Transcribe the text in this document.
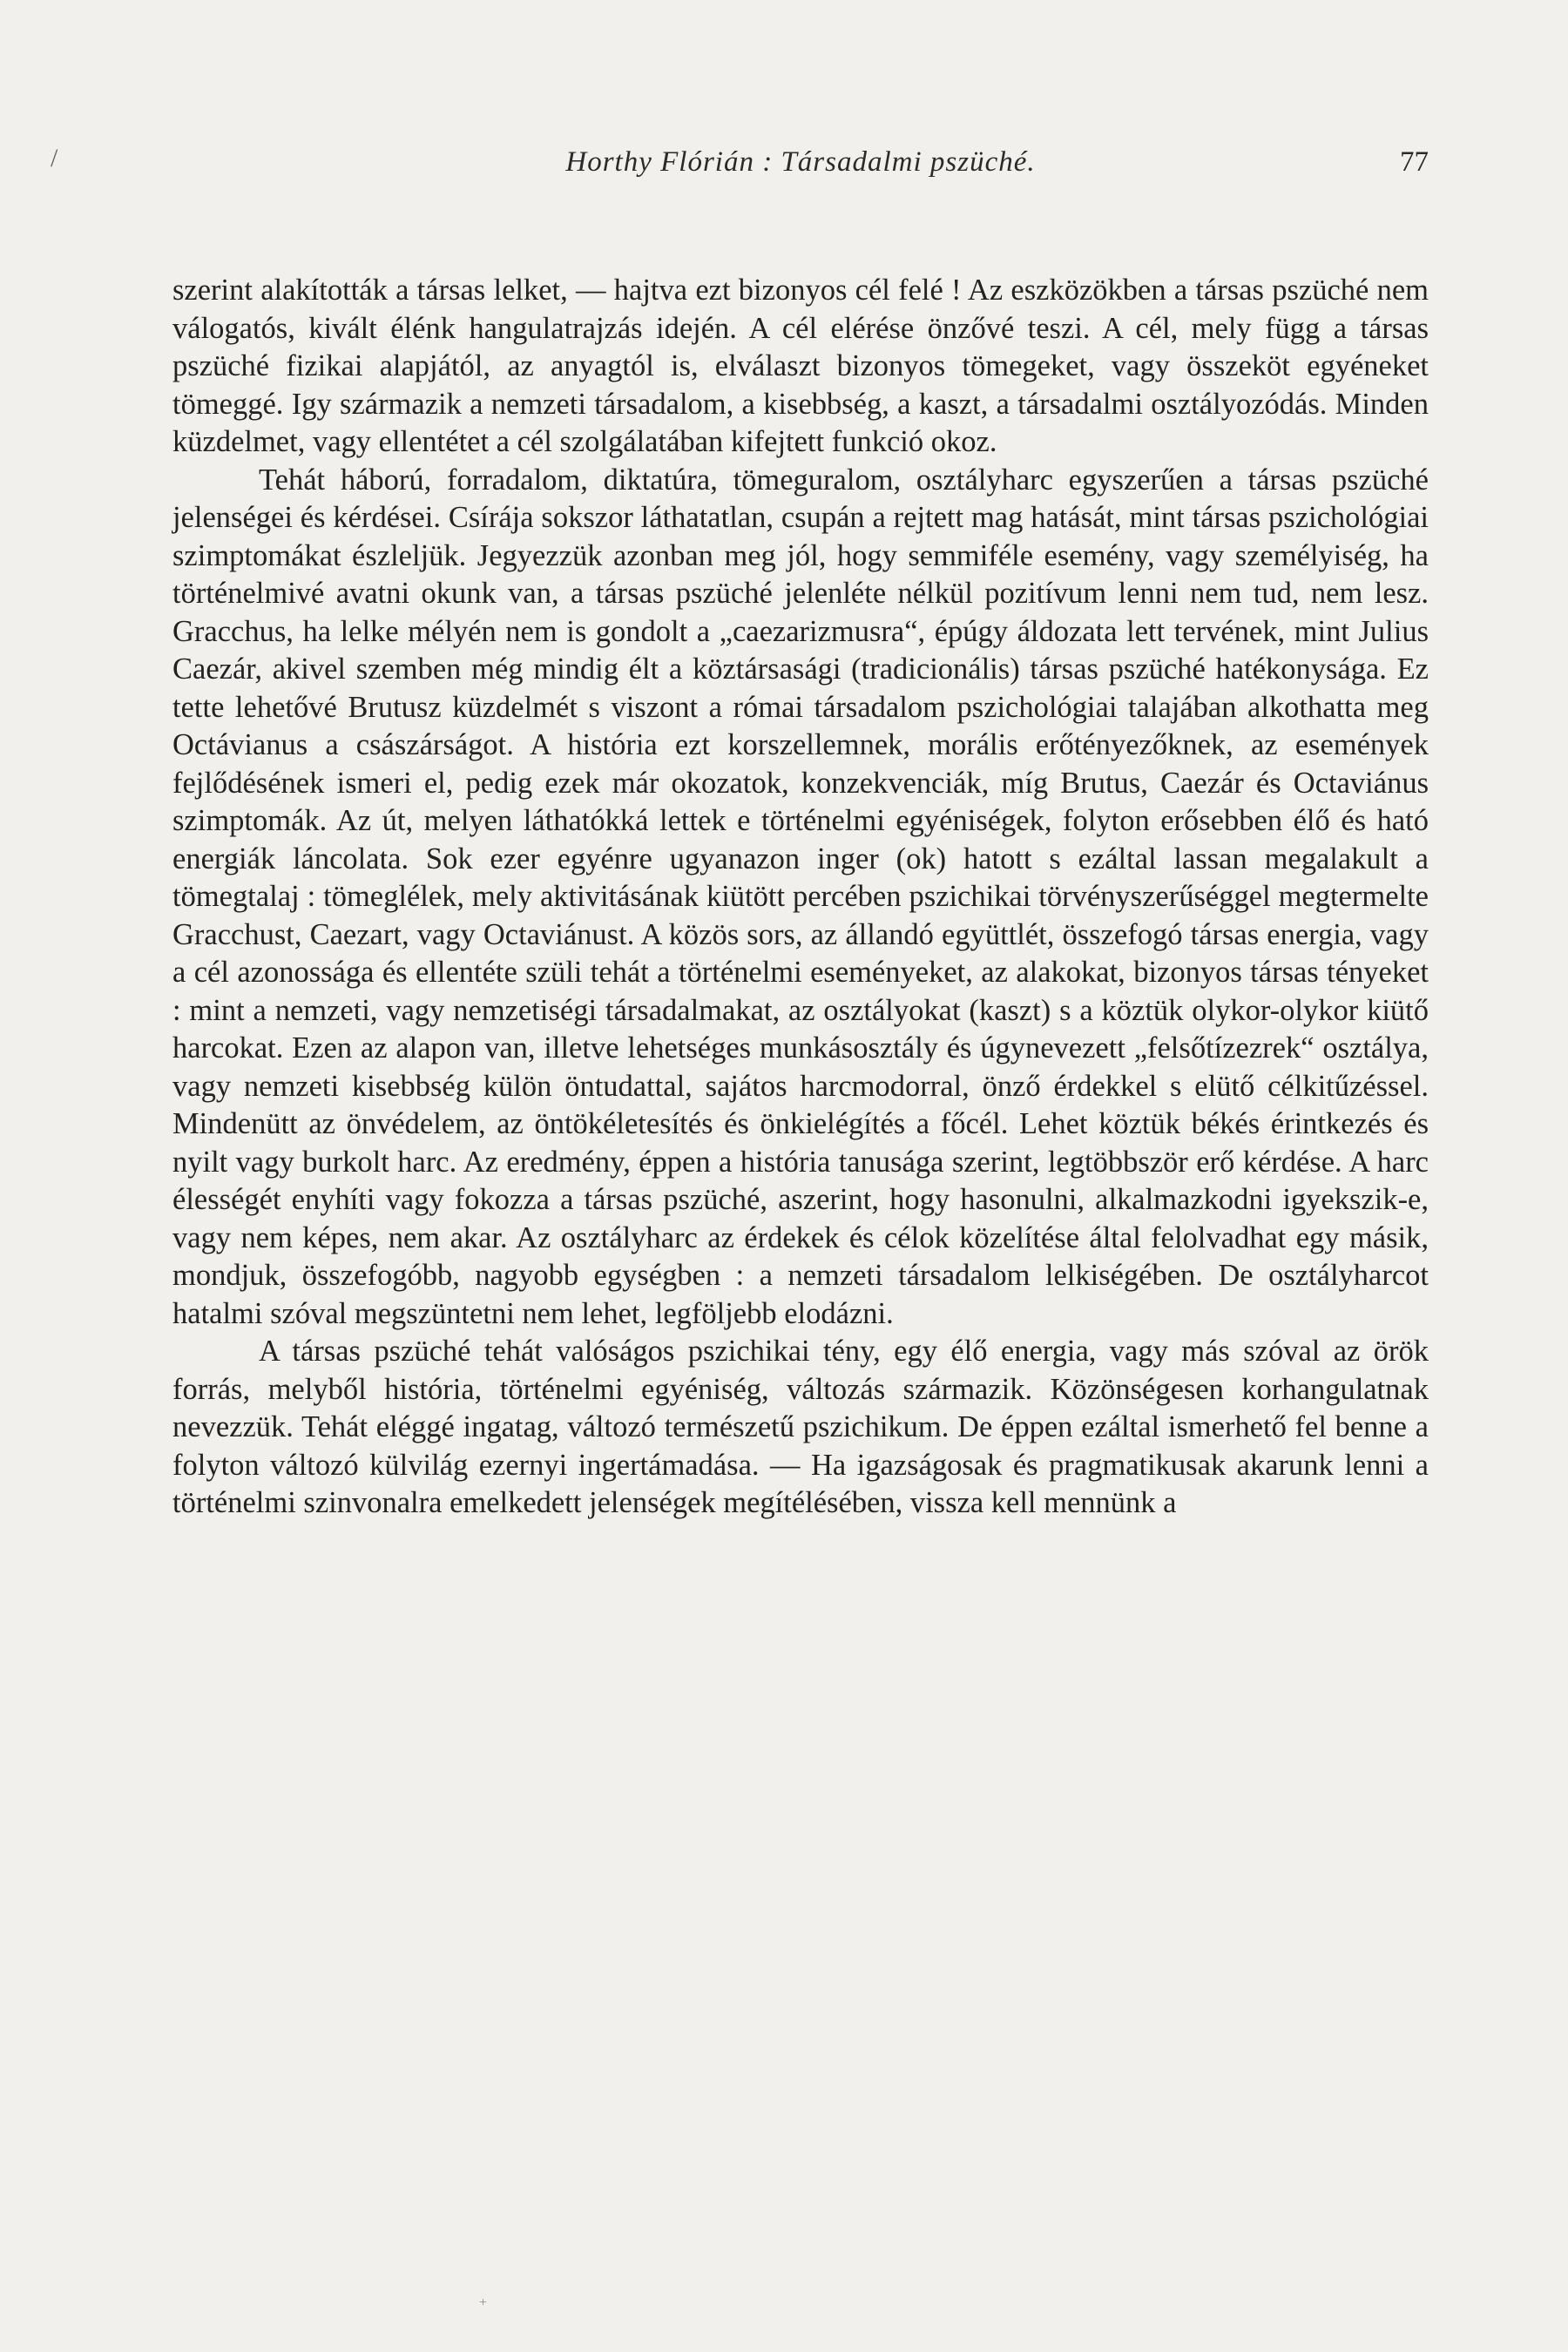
/	Horthy Flórián : Társadalmi pszüché.	77

szerint alakították a társas lelket, — hajtva ezt bizonyos cél felé ! Az eszközökben a társas pszüché nem válogatós, kivált élénk hangulatrajzás idején. A cél elérése önzővé teszi. A cél, mely függ a társas pszüché fizikai alapjától, az anyagtól is, elválaszt bizonyos tömegeket, vagy összeköt egyéneket tömeggé. Igy származik a nemzeti társadalom, a kisebbség, a kaszt, a társadalmi osztályozódás. Minden küzdelmet, vagy ellentétet a cél szolgálatában kifejtett funkció okoz.

Tehát háború, forradalom, diktatúra, tömeguralom, osztályharc egyszerűen a társas pszüché jelenségei és kérdései. Csírája sokszor láthatatlan, csupán a rejtett mag hatását, mint társas pszichológiai szimptomákat észleljük. Jegyezzük azonban meg jól, hogy semmiféle esemény, vagy személyiség, ha történelmivé avatni okunk van, a társas pszüché jelenléte nélkül pozitívum lenni nem tud, nem lesz. Gracchus, ha lelke mélyén nem is gondolt a „caezarizmusra“, épúgy áldozata lett tervének, mint Julius Caezár, akivel szemben még mindig élt a köztársasági (tradicionális) társas pszüché hatékonysága. Ez tette lehetővé Brutusz küzdelmét s viszont a római társadalom pszichológiai talajában alkothatta meg Octávianus a császárságot. A história ezt korszellemnek, morális erőtényezőknek, az események fejlődésének ismeri el, pedig ezek már okozatok, konzekvenciák, míg Brutus, Caezár és Octaviánus szimptomák. Az út, melyen láthatókká lettek e történelmi egyéniségek, folyton erősebben élő és ható energiák láncolata. Sok ezer egyénre ugyanazon inger (ok) hatott s ezáltal lassan megalakult a tömegtalaj : tömeglélek, mely aktivitásának kiütött percében pszichikai törvényszerűséggel megtermelte Gracchust, Caezart, vagy Octaviánust. A közös sors, az állandó együttlét, összefogó társas energia, vagy a cél azonossága és ellentéte szüli tehát a történelmi eseményeket, az alakokat, bizonyos társas tényeket : mint a nemzeti, vagy nemzetiségi társadalmakat, az osztályokat (kaszt) s a köztük olykor-olykor kiütő harcokat. Ezen az alapon van, illetve lehetséges munkásosztály és úgynevezett „felsőtízezrek“ osztálya, vagy nemzeti kisebbség külön öntudattal, sajátos harcmodorral, önző érdekkel s elütő célkitűzéssel. Mindenütt az önvédelem, az öntökéletesítés és önkielégítés a főcél. Lehet köztük békés érintkezés és nyilt vagy burkolt harc. Az eredmény, éppen a história tanusága szerint, legtöbbször erő kérdése. A harc élességét enyhíti vagy fokozza a társas pszüché, aszerint, hogy hasonulni, alkalmazkodni igyekszik-e, vagy nem képes, nem akar. Az osztályharc az érdekek és célok közelítése által felolvadhat egy másik, mondjuk, összefogóbb, nagyobb egységben : a nemzeti társadalom lelkiségében. De osztályharcot hatalmi szóval megszüntetni nem lehet, legföljebb elodázni.

A társas pszüché tehát valóságos pszichikai tény, egy élő energia, vagy más szóval az örök forrás, melyből história, történelmi egyéniség, változás származik. Közönségesen korhangulatnak nevezzük. Tehát eléggé ingatag, változó természetű pszichikum. De éppen ezáltal ismerhető fel benne a folyton változó külvilág ezernyi ingertámadása. — Ha igazságosak és pragmatikusak akarunk lenni a történelmi szinvonalra emelkedett jelenségek megítélésében, vissza kell mennünk a

+
